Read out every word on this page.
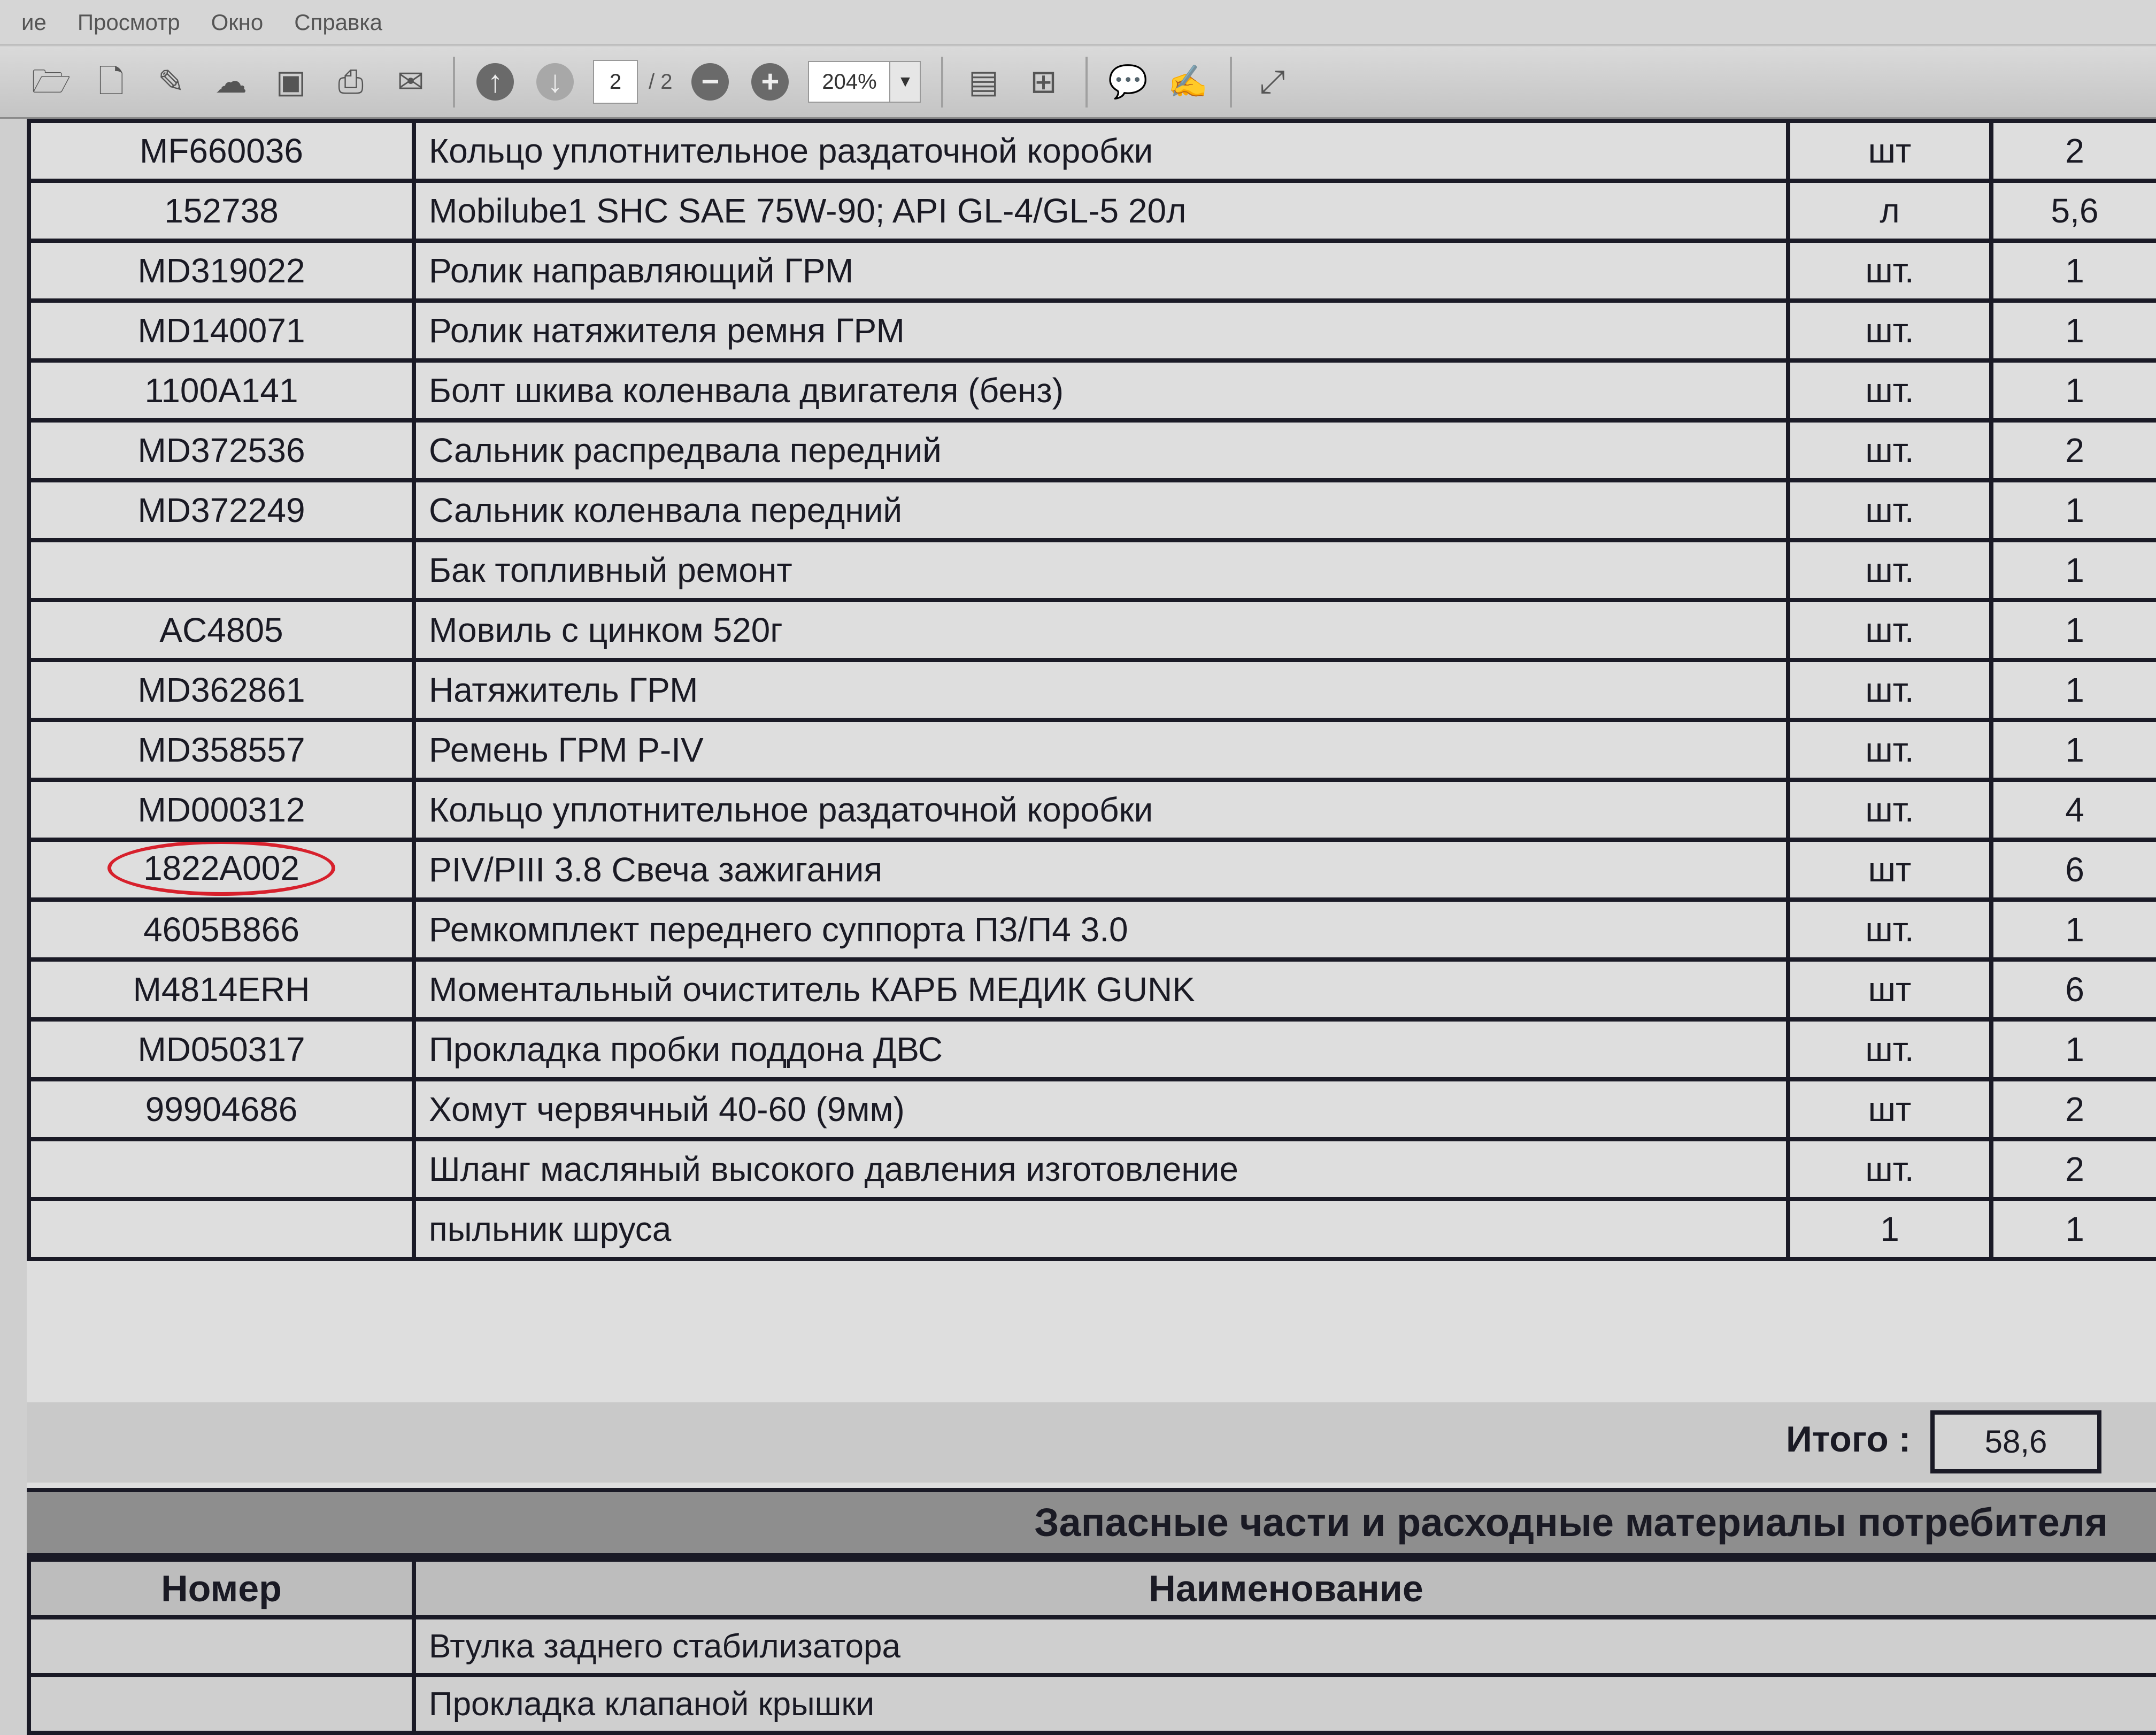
ие Просмотр Окно Справка
🗁 🗋 ✎ ☁ ▣ ⎙ ✉	↑	↓	2	/ 2 −	+	204%	▼ ▤ ⊞ 💬 ✍ ⤢
MF660036	Кольцо уплотнительное раздаточной коробки	шт	2
152738	Mobilube1 SHC SAE 75W-90; API GL-4/GL-5 20л	л	5,6
MD319022	Ролик направляющий ГРМ	шт.	1
MD140071	Ролик натяжителя ремня ГРМ	шт.	1
1100A141	Болт шкива коленвала двигателя (бенз)	шт.	1
MD372536	Сальник распредвала передний	шт.	2
MD372249	Сальник коленвала передний	шт.	1
	Бак топливный ремонт	шт.	1
AC4805	Мовиль с цинком 520г	шт.	1
MD362861	Натяжитель ГРМ	шт.	1
MD358557	Ремень ГРМ P-IV	шт.	1
MD000312	Кольцо уплотнительное раздаточной коробки	шт.	4
1822A002	PIV/PIII 3.8 Свеча зажигания	шт	6
4605B866	Ремкомплект переднего суппорта П3/П4 3.0	шт.	1
M4814ERH	Моментальный очиститель КАРБ МЕДИК GUNK	шт	6
MD050317	Прокладка пробки поддона ДВС	шт.	1
99904686	Хомут червячный 40-60 (9мм)	шт	2
	Шланг масляный высокого давления изготовление	шт.	2
	пыльник шруса	1	1
Итого :	58,6
Запасные части и расходные материалы потребителя
Номер	Наименование
	Втулка заднего стабилизатора
	Прокладка клапаной крышки
